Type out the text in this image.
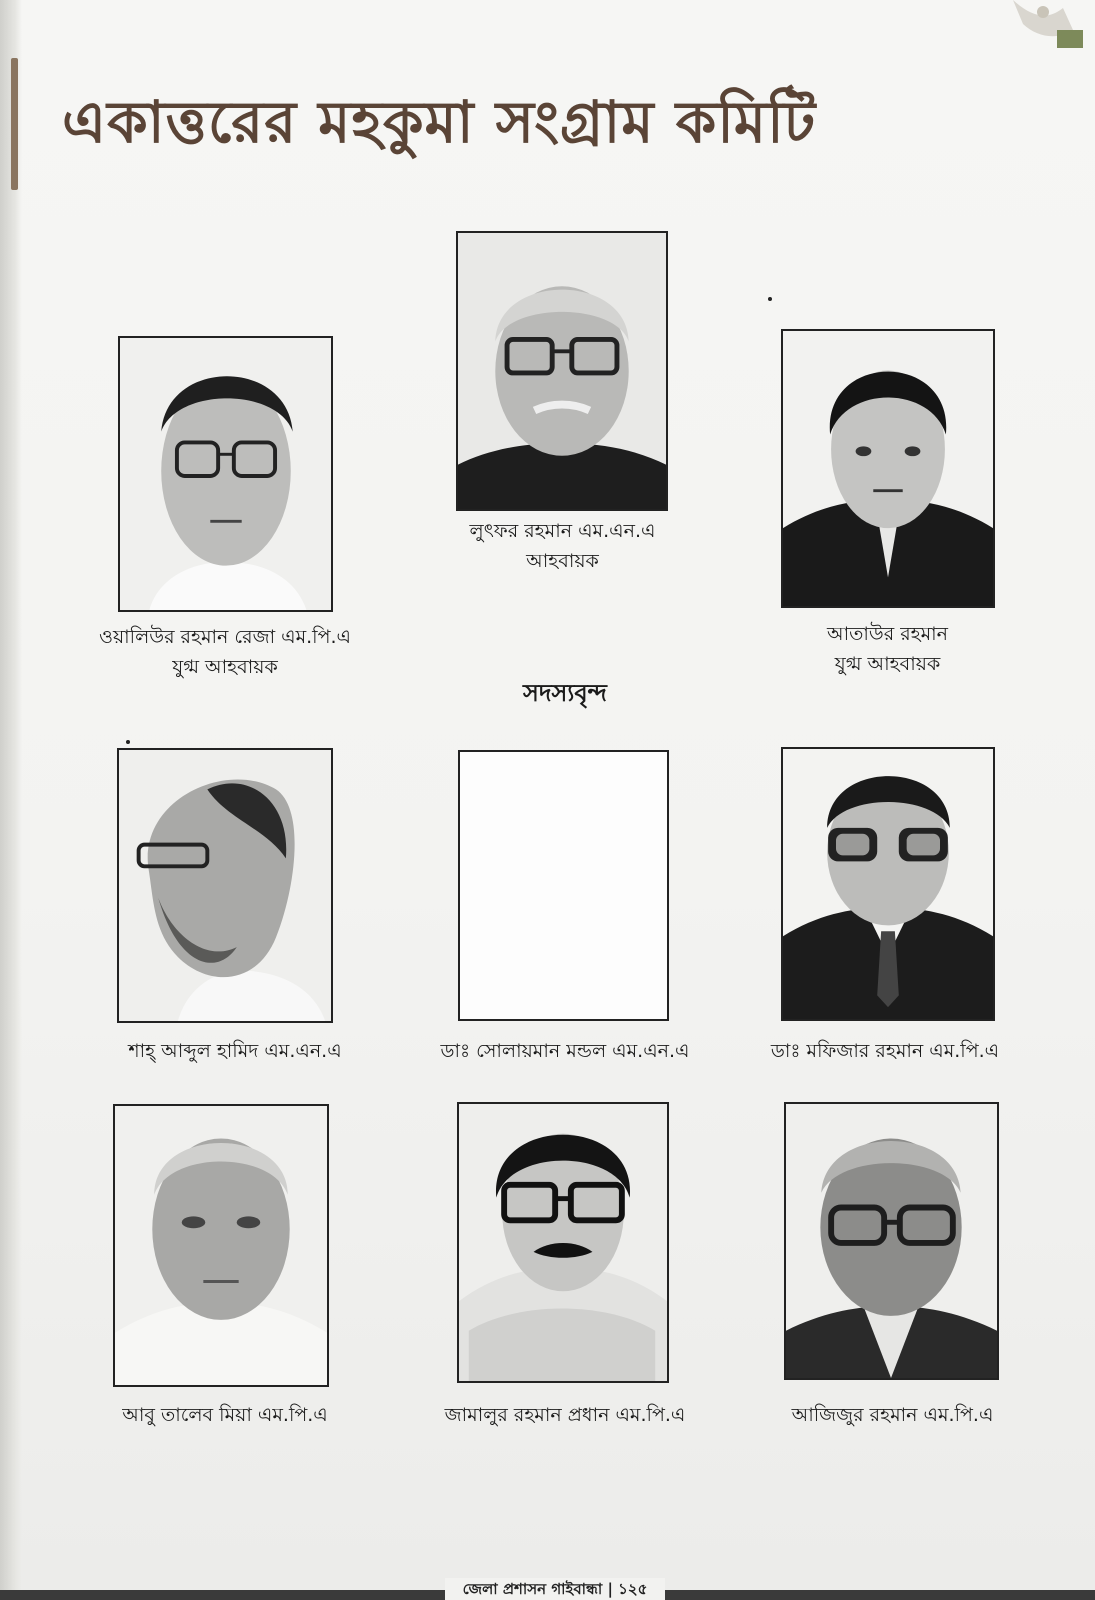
একাত্তরের মহকুমা সংগ্রাম কমিটি
লুৎফর রহমান এম.এন.এ
আহবায়ক
ওয়ালিউর রহমান রেজা এম.পি.এ
যুগ্ম আহবায়ক
আতাউর রহমান
যুগ্ম আহবায়ক
সদস্যবৃন্দ
শাহ্ আব্দুল হামিদ এম.এন.এ	ডাঃ সোলায়মান মন্ডল এম.এন.এ	ডাঃ মফিজার রহমান এম.পি.এ
আবু তালেব মিয়া এম.পি.এ	জামালুর রহমান প্রধান এম.পি.এ	আজিজুর রহমান এম.পি.এ
জেলা প্রশাসন গাইবান্ধা | ১২৫
